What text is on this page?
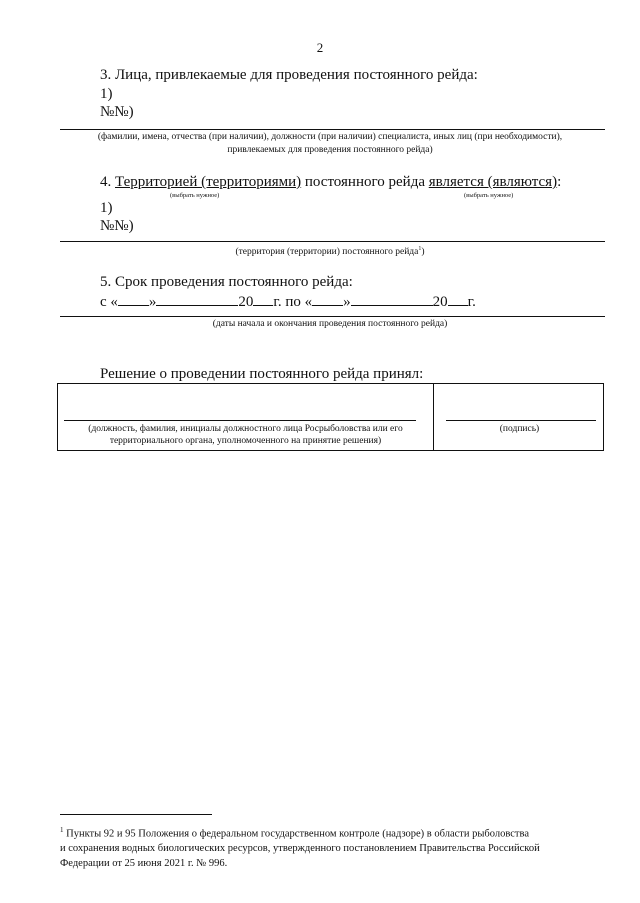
2
3. Лица, привлекаемые для проведения постоянного рейда:
1)
№№)
(фамилии, имена, отчества (при наличии), должности (при наличии) специалиста, иных лиц (при необходимости),
привлекаемых для проведения постоянного рейда)
4. Территорией (территориями) постоянного рейда является (являются):
(выбрать нужное)	(выбрать нужное)
1)
№№)
(территория (территории) постоянного рейда$^1$)
5. Срок проведения постоянного рейда:
с « »	20 г. по « »	20 г.
(даты начала и окончания проведения постоянного рейда)
Решение о проведении постоянного рейда принял:
(должность, фамилия, инициалы должностного лица Росрыболовства или его
территориального органа, уполномоченного на принятие решения)

(подпись)
$^1$ Пункты 92 и 95 Положения о федеральном государственном контроле (надзоре) в области рыболовства
и сохранения водных биологических ресурсов, утвержденного постановлением Правительства Российской
Федерации от 25 июня 2021 г. № 996.
